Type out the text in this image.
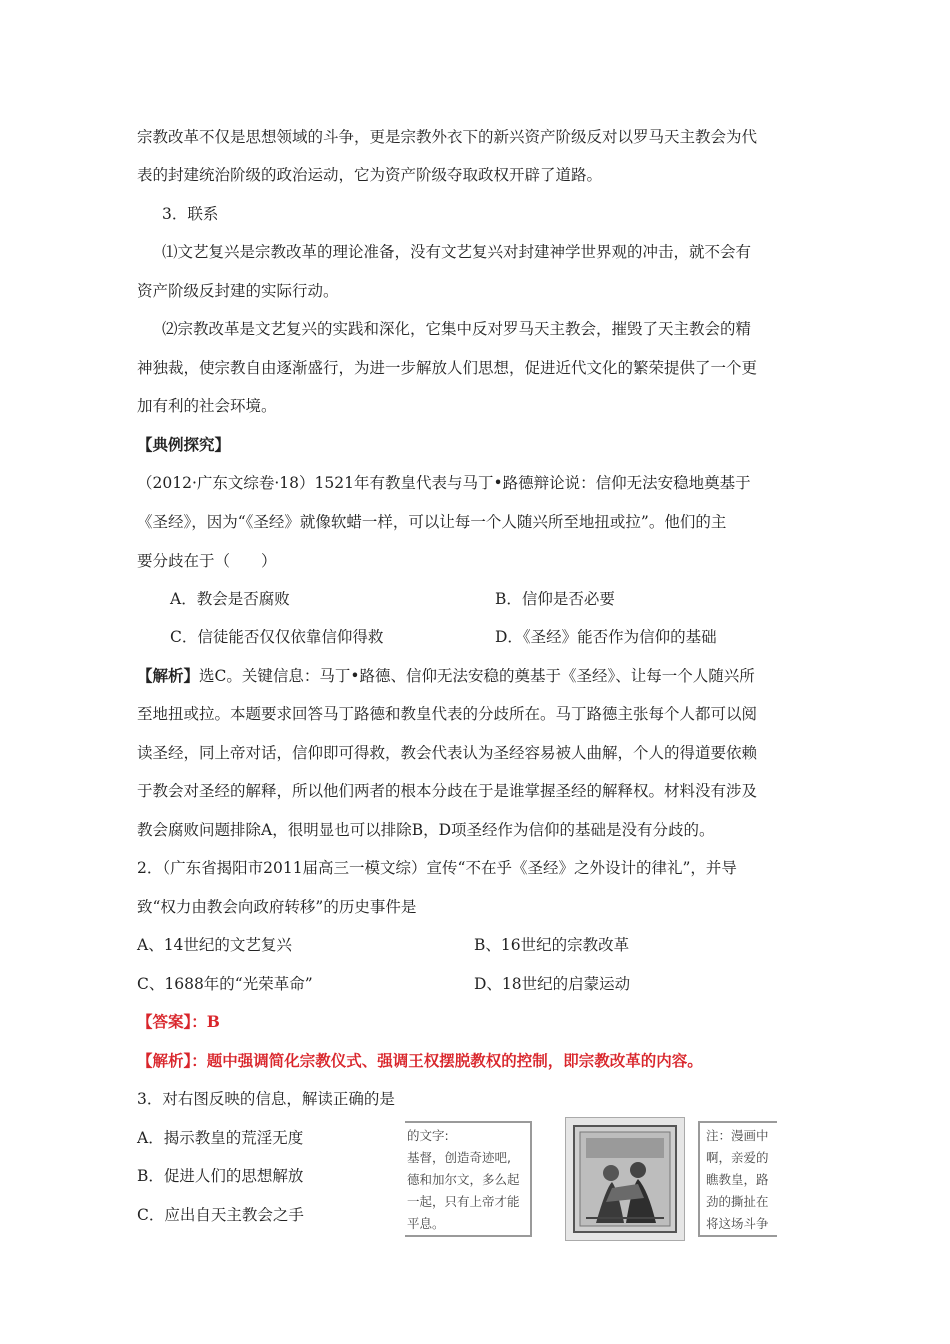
宗教改革不仅是思想领域的斗争，更是宗教外衣下的新兴资产阶级反对以罗马天主教会为代
表的封建统治阶级的政治运动，它为资产阶级夺取政权开辟了道路。
3．联系
⑴文艺复兴是宗教改革的理论准备，没有文艺复兴对封建神学世界观的冲击，就不会有
资产阶级反封建的实际行动。
⑵宗教改革是文艺复兴的实践和深化，它集中反对罗马天主教会，摧毁了天主教会的精
神独裁，使宗教自由逐渐盛行，为进一步解放人们思想，促进近代文化的繁荣提供了一个更
加有利的社会环境。
【典例探究】
（2012·广东文综卷·18）1521年有教皇代表与马丁•路德辩论说：信仰无法安稳地奠基于
《圣经》，因为“《圣经》就像软蜡一样，可以让每一个人随兴所至地扭或拉”。他们的主
要分歧在于（　　）
A．教会是否腐败	B．信仰是否必要
C．信徒能否仅仅依靠信仰得救	D．《圣经》能否作为信仰的基础
【解析】选C。关键信息：马丁•路德、信仰无法安稳的奠基于《圣经》、让每一个人随兴所
至地扭或拉。本题要求回答马丁路德和教皇代表的分歧所在。马丁路德主张每个人都可以阅
读圣经，同上帝对话，信仰即可得救，教会代表认为圣经容易被人曲解，个人的得道要依赖
于教会对圣经的解释，所以他们两者的根本分歧在于是谁掌握圣经的解释权。材料没有涉及
教会腐败问题排除A，很明显也可以排除B，D项圣经作为信仰的基础是没有分歧的。
2．（广东省揭阳市2011届高三一模文综）宣传“不在乎《圣经》之外设计的律礼”，并导
致“权力由教会向政府转移”的历史事件是
A、14世纪的文艺复兴	B、16世纪的宗教改革
C、1688年的“光荣革命”	D、18世纪的启蒙运动
【答案】：B
【解析】：题中强调简化宗教仪式、强调王权摆脱教权的控制，即宗教改革的内容。
3．对右图反映的信息，解读正确的是
A．揭示教皇的荒淫无度
B．促进人们的思想解放
C．应出自天主教会之手
的文字:
基督，创造奇迹吧,
德和加尔文，多么起
一起，只有上帝才能
平息。
注：漫画中
啊，亲爱的
瞧教皇，路
劲的撕扯在
将这场斗争
